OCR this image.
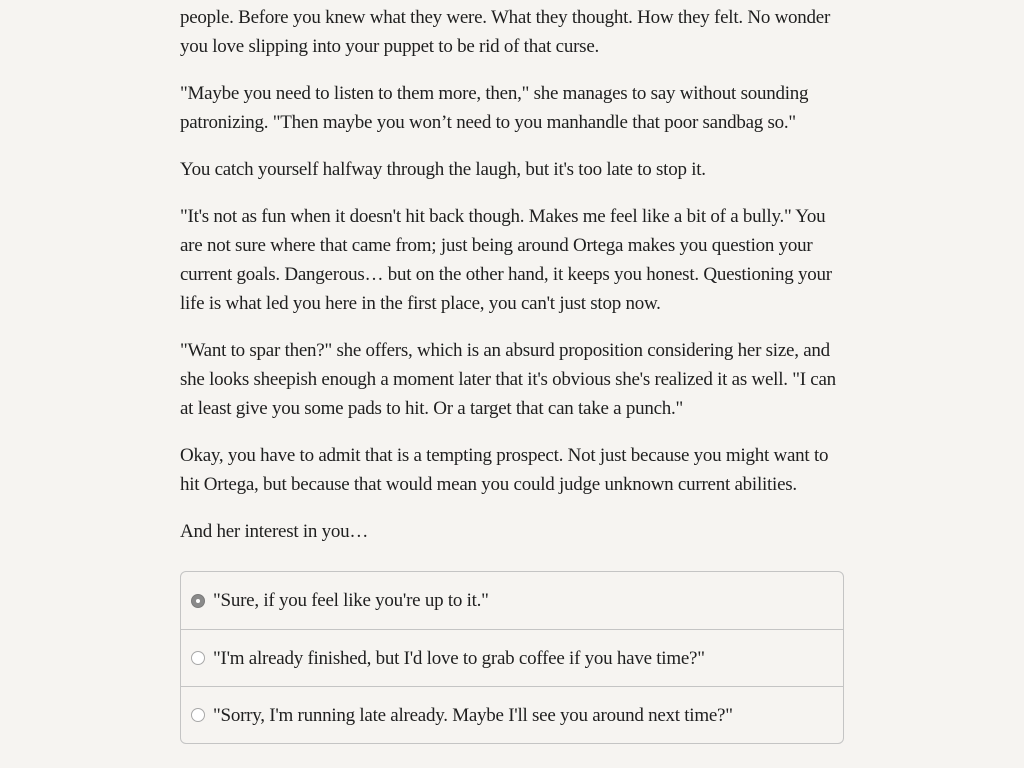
people. Before you knew what they were. What they thought. How they felt. No wonder you love slipping into your puppet to be rid of that curse.

"Maybe you need to listen to them more, then," she manages to say without sounding patronizing. "Then maybe you won’t need to you manhandle that poor sandbag so."

You catch yourself halfway through the laugh, but it's too late to stop it.

"It's not as fun when it doesn't hit back though. Makes me feel like a bit of a bully." You are not sure where that came from; just being around Ortega makes you question your current goals. Dangerous… but on the other hand, it keeps you honest. Questioning your life is what led you here in the first place, you can't just stop now.

"Want to spar then?" she offers, which is an absurd proposition considering her size, and she looks sheepish enough a moment later that it's obvious she's realized it as well. "I can at least give you some pads to hit. Or a target that can take a punch."

Okay, you have to admit that is a tempting prospect. Not just because you might want to hit Ortega, but because that would mean you could judge unknown current abilities.

And her interest in you…

"Sure, if you feel like you're up to it."
"I'm already finished, but I'd love to grab coffee if you have time?"
"Sorry, I'm running late already. Maybe I'll see you around next time?"
